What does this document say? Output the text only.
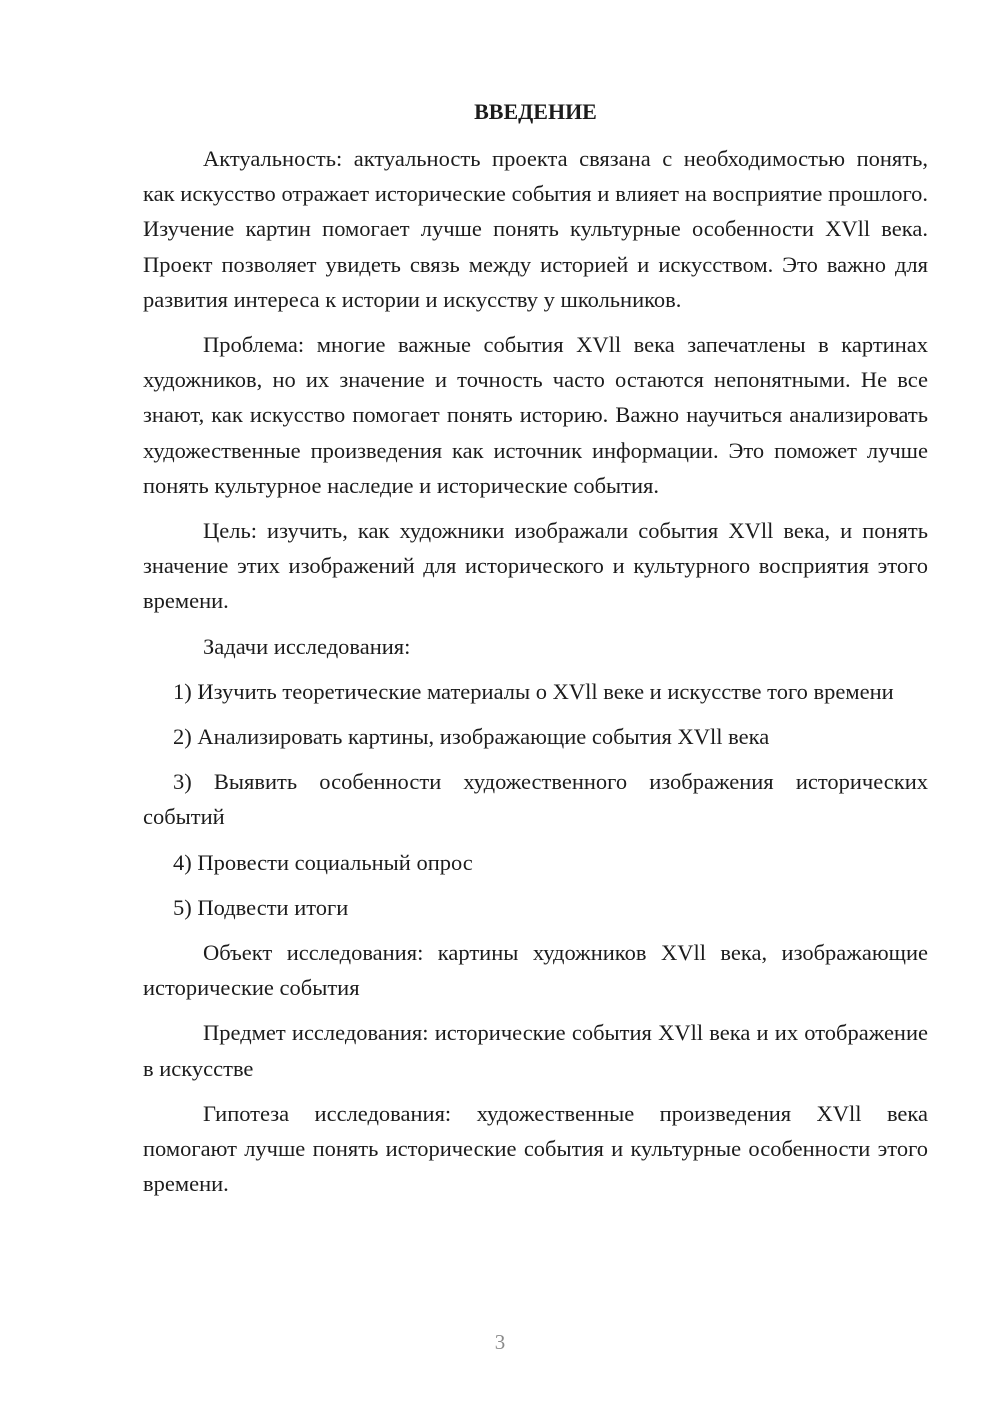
ВВЕДЕНИЕ

Актуальность: актуальность проекта связана с необходимостью понять, как искусство отражает исторические события и влияет на восприятие прошлого. Изучение картин помогает лучше понять культурные особенности XVll века. Проект позволяет увидеть связь между историей и искусством. Это важно для развития интереса к истории и искусству у школьников.

Проблема: многие важные события XVll века запечатлены в картинах художников, но их значение и точность часто остаются непонятными. Не все знают, как искусство помогает понять историю. Важно научиться анализировать художественные произведения как источник информации. Это поможет лучше понять культурное наследие и исторические события.

Цель: изучить, как художники изображали события XVll века, и понять значение этих изображений для исторического и культурного восприятия этого времени.

Задачи исследования:

1) Изучить теоретические материалы о XVll веке и искусстве того времени

2) Анализировать картины, изображающие события XVll века

3) Выявить особенности художественного изображения исторических событий

4) Провести социальный опрос

5) Подвести итоги

Объект исследования: картины художников XVll века, изображающие исторические события

Предмет исследования: исторические события XVll века и их отображение в искусстве

Гипотеза исследования: художественные произведения XVll века помогают лучше понять исторические события и культурные особенности этого времени.

3
